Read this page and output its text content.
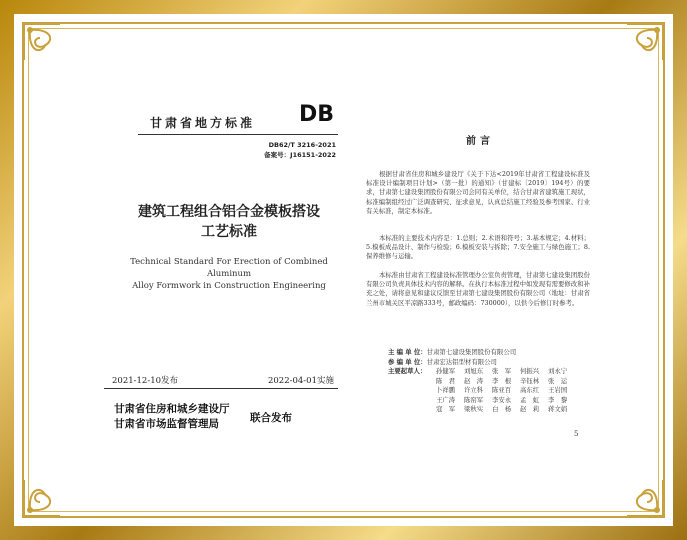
甘肃省地方标准 DB
DB62/T 3216-2021
备案号：J16151-2022
建筑工程组合铝合金模板搭设
工艺标准
Technical Standard For Erection of Combined Aluminum
Alloy Formwork in Construction Engineering
2021-12-10发布	2022-04-01实施
甘肃省住房和城乡建设厅
甘肃省市场监督管理局	联合发布
前言
根据甘肃省住房和城乡建设厅《关于下达<2019年甘肃省工程建设标准及标准设计编制项目计划>（第一批）的通知》（甘建标〔2019〕194号）的要求，甘肃第七建设集团股份有限公司会同有关单位，结合甘肃省建筑施工现状，标准编制组经过广泛调查研究、征求意见，认真总结施工经验及参考国家、行业有关标准，制定本标准。
本标准的主要技术内容是：1.总则；2.术语和符号；3.基本规定；4.材料；5.模板成品设计、制作与检验；6.模板安装与拆除；7.安全施工与绿色施工；8.保养维修与运输。
本标准由甘肃省工程建设标准管理办公室负责管理，甘肃第七建设集团股份有限公司负责具体技术内容的解释。在执行本标准过程中如发现有需要修改和补充之处，请将意见和建议反馈至甘肃第七建设集团股份有限公司（地址：甘肃省兰州市城关区平凉路333号，邮政编码：730000），以供今后修订时参考。
主 编 单 位：甘肃第七建设集团股份有限公司
参 编 单 位：甘肃宏达铝型材有限公司
主要起草人：	孙健军	刘旭东	张　军	何振兴	刘永宁
陈　君	赵　涛	李　根	辛钰林	张　运
卜祥鹏	许立科	陈亚百	高东红	王岩国
王广涛	陈窑军	李安永	孟　虹	李　黎
寇　军	梁秋实	白　杨	赵　莉	蒋文娟
5
